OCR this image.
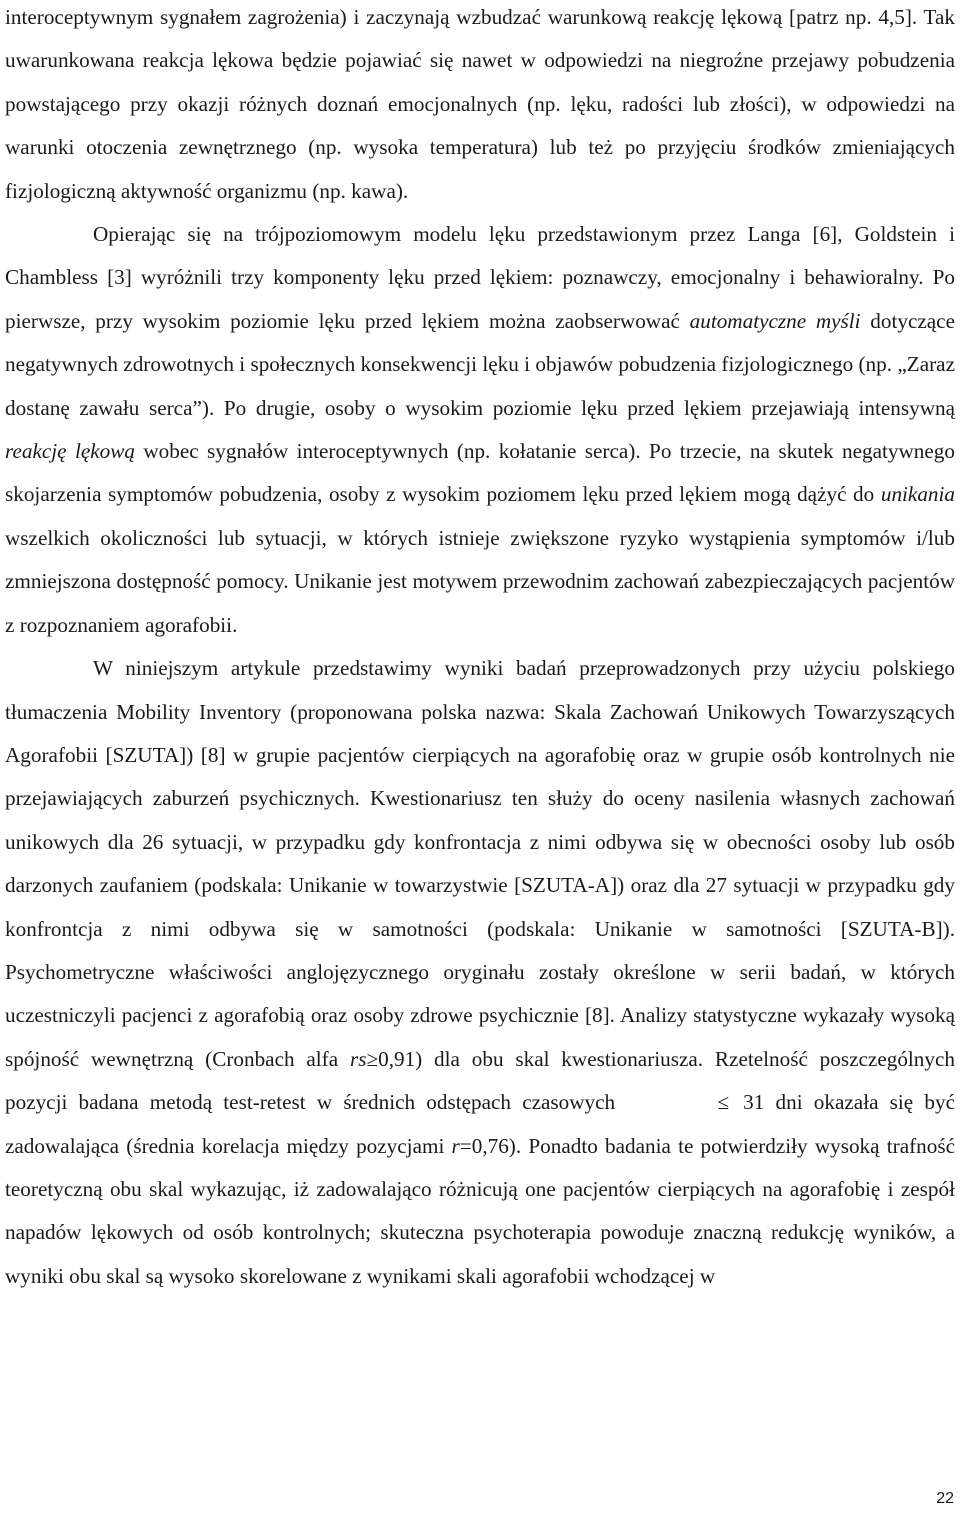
interoceptywnym sygnałem zagrożenia) i zaczynają wzbudzać warunkową reakcję lękową [patrz np. 4,5]. Tak uwarunkowana reakcja lękowa będzie pojawiać się nawet w odpowiedzi na niegroźne przejawy pobudzenia powstającego przy okazji różnych doznań emocjonalnych (np. lęku, radości lub złości), w odpowiedzi na warunki otoczenia zewnętrznego (np. wysoka temperatura) lub też po przyjęciu środków zmieniających fizjologiczną aktywność organizmu (np. kawa).

Opierając się na trójpoziomowym modelu lęku przedstawionym przez Langa [6], Goldstein i Chambless [3] wyróżnili trzy komponenty lęku przed lękiem: poznawczy, emocjonalny i behawioralny. Po pierwsze, przy wysokim poziomie lęku przed lękiem można zaobserwować automatyczne myśli dotyczące negatywnych zdrowotnych i społecznych konsekwencji lęku i objawów pobudzenia fizjologicznego (np. „Zaraz dostanę zawału serca”). Po drugie, osoby o wysokim poziomie lęku przed lękiem przejawiają intensywną reakcję lękową wobec sygnałów interoceptywnych (np. kołatanie serca). Po trzecie, na skutek negatywnego skojarzenia symptomów pobudzenia, osoby z wysokim poziomem lęku przed lękiem mogą dążyć do unikania wszelkich okoliczności lub sytuacji, w których istnieje zwiększone ryzyko wystąpienia symptomów i/lub zmniejszona dostępność pomocy. Unikanie jest motywem przewodnim zachowań zabezpieczających pacjentów z rozpoznaniem agorafobii.

W niniejszym artykule przedstawimy wyniki badań przeprowadzonych przy użyciu polskiego tłumaczenia Mobility Inventory (proponowana polska nazwa: Skala Zachowań Unikowych Towarzyszących Agorafobii [SZUTA]) [8] w grupie pacjentów cierpiących na agorafobię oraz w grupie osób kontrolnych nie przejawiających zaburzeń psychicznych. Kwestionariusz ten służy do oceny nasilenia własnych zachowań unikowych dla 26 sytuacji, w przypadku gdy konfrontacja z nimi odbywa się w obecności osoby lub osób darzonych zaufaniem (podskala: Unikanie w towarzystwie [SZUTA-A]) oraz dla 27 sytuacji w przypadku gdy konfrontcja z nimi odbywa się w samotności (podskala: Unikanie w samotności [SZUTA-B]). Psychometryczne właściwości anglojęzycznego oryginału zostały określone w serii badań, w których uczestniczyli pacjenci z agorafobią oraz osoby zdrowe psychicznie [8]. Analizy statystyczne wykazały wysoką spójność wewnętrzną (Cronbach alfa rs≥0,91) dla obu skal kwestionariusza. Rzetelność poszczególnych pozycji badana metodą test-retest w średnich odstępach czasowych	≤ 31 dni okazała się być zadowalająca (średnia korelacja między pozycjami r=0,76). Ponadto badania te potwierdziły wysoką trafność teoretyczną obu skal wykazując, iż zadowalająco różnicują one pacjentów cierpiących na agorafobię i zespół napadów lękowych od osób kontrolnych; skuteczna psychoterapia powoduje znaczną redukcję wyników, a wyniki obu skal są wysoko skorelowane z wynikami skali agorafobii wchodzącej w

22
